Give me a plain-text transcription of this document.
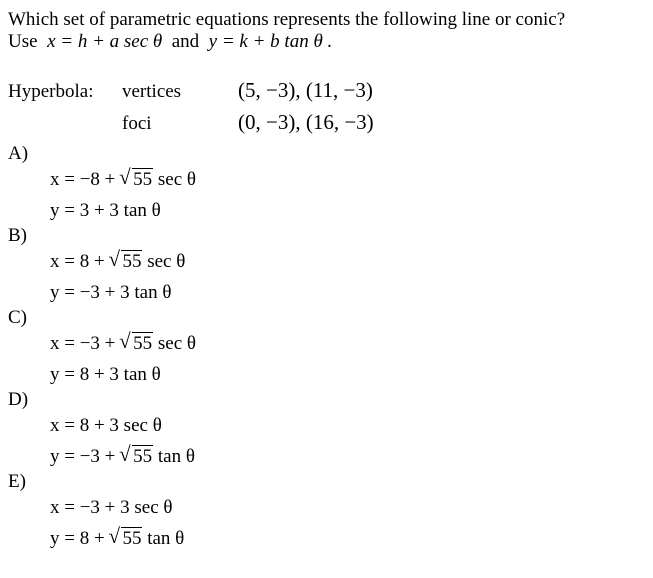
Which set of parametric equations represents the following line or conic?
Use x = h + a sec θ and y = k + b tan θ .
Hyperbola: vertices	(5, −3), (11, −3)
foci	(0, −3), (16, −3)
A)
x = −8 + √ 55 sec θ
y = 3 + 3 tan θ
B)
x = 8 + √ 55 sec θ
y = −3 + 3 tan θ
C)
x = −3 + √ 55 sec θ
y = 8 + 3 tan θ
D)
x = 8 + 3 sec θ
y = −3 + √ 55 tan θ
E)
x = −3 + 3 sec θ
y = 8 + √ 55 tan θ
